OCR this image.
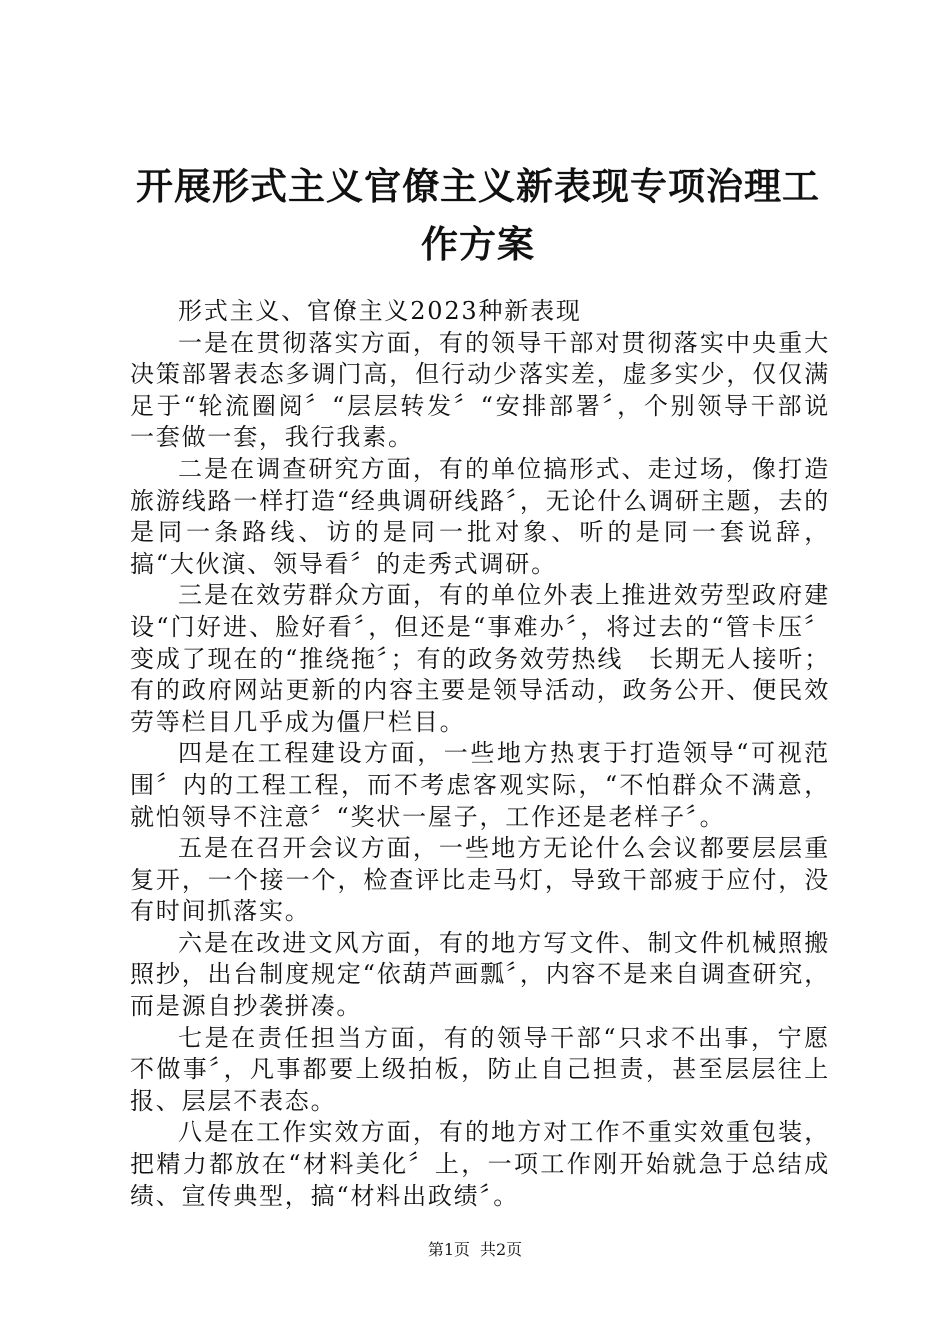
开展形式主义官僚主义新表现专项治理工作方案

形式主义、官僚主义2023种新表现

一是在贯彻落实方面，有的领导干部对贯彻落实中央重大决策部署表态多调门高，但行动少落实差，虚多实少，仅仅满足于“轮流圈阅〞“层层转发〞“安排部署〞，个别领导干部说一套做一套，我行我素。

二是在调查研究方面，有的单位搞形式、走过场，像打造旅游线路一样打造“经典调研线路〞，无论什么调研主题，去的是同一条路线、访的是同一批对象、听的是同一套说辞，搞“大伙演、领导看〞的走秀式调研。

三是在效劳群众方面，有的单位外表上推进效劳型政府建设“门好进、脸好看〞，但还是“事难办〞，将过去的“管卡压〞变成了现在的“推绕拖〞；有的政务效劳热线　长期无人接听；有的政府网站更新的内容主要是领导活动，政务公开、便民效劳等栏目几乎成为僵尸栏目。

四是在工程建设方面，一些地方热衷于打造领导“可视范围〞内的工程工程，而不考虑客观实际，“不怕群众不满意，就怕领导不注意〞“奖状一屋子，工作还是老样子〞。

五是在召开会议方面，一些地方无论什么会议都要层层重复开，一个接一个，检查评比走马灯，导致干部疲于应付，没有时间抓落实。

六是在改进文风方面，有的地方写文件、制文件机械照搬照抄，出台制度规定“依葫芦画瓢〞，内容不是来自调查研究，而是源自抄袭拼凑。

七是在责任担当方面，有的领导干部“只求不出事，宁愿不做事〞，凡事都要上级拍板，防止自己担责，甚至层层往上报、层层不表态。

八是在工作实效方面，有的地方对工作不重实效重包装，把精力都放在“材料美化〞上，一项工作刚开始就急于总结成绩、宣传典型，搞“材料出政绩〞。

第1页 共2页
